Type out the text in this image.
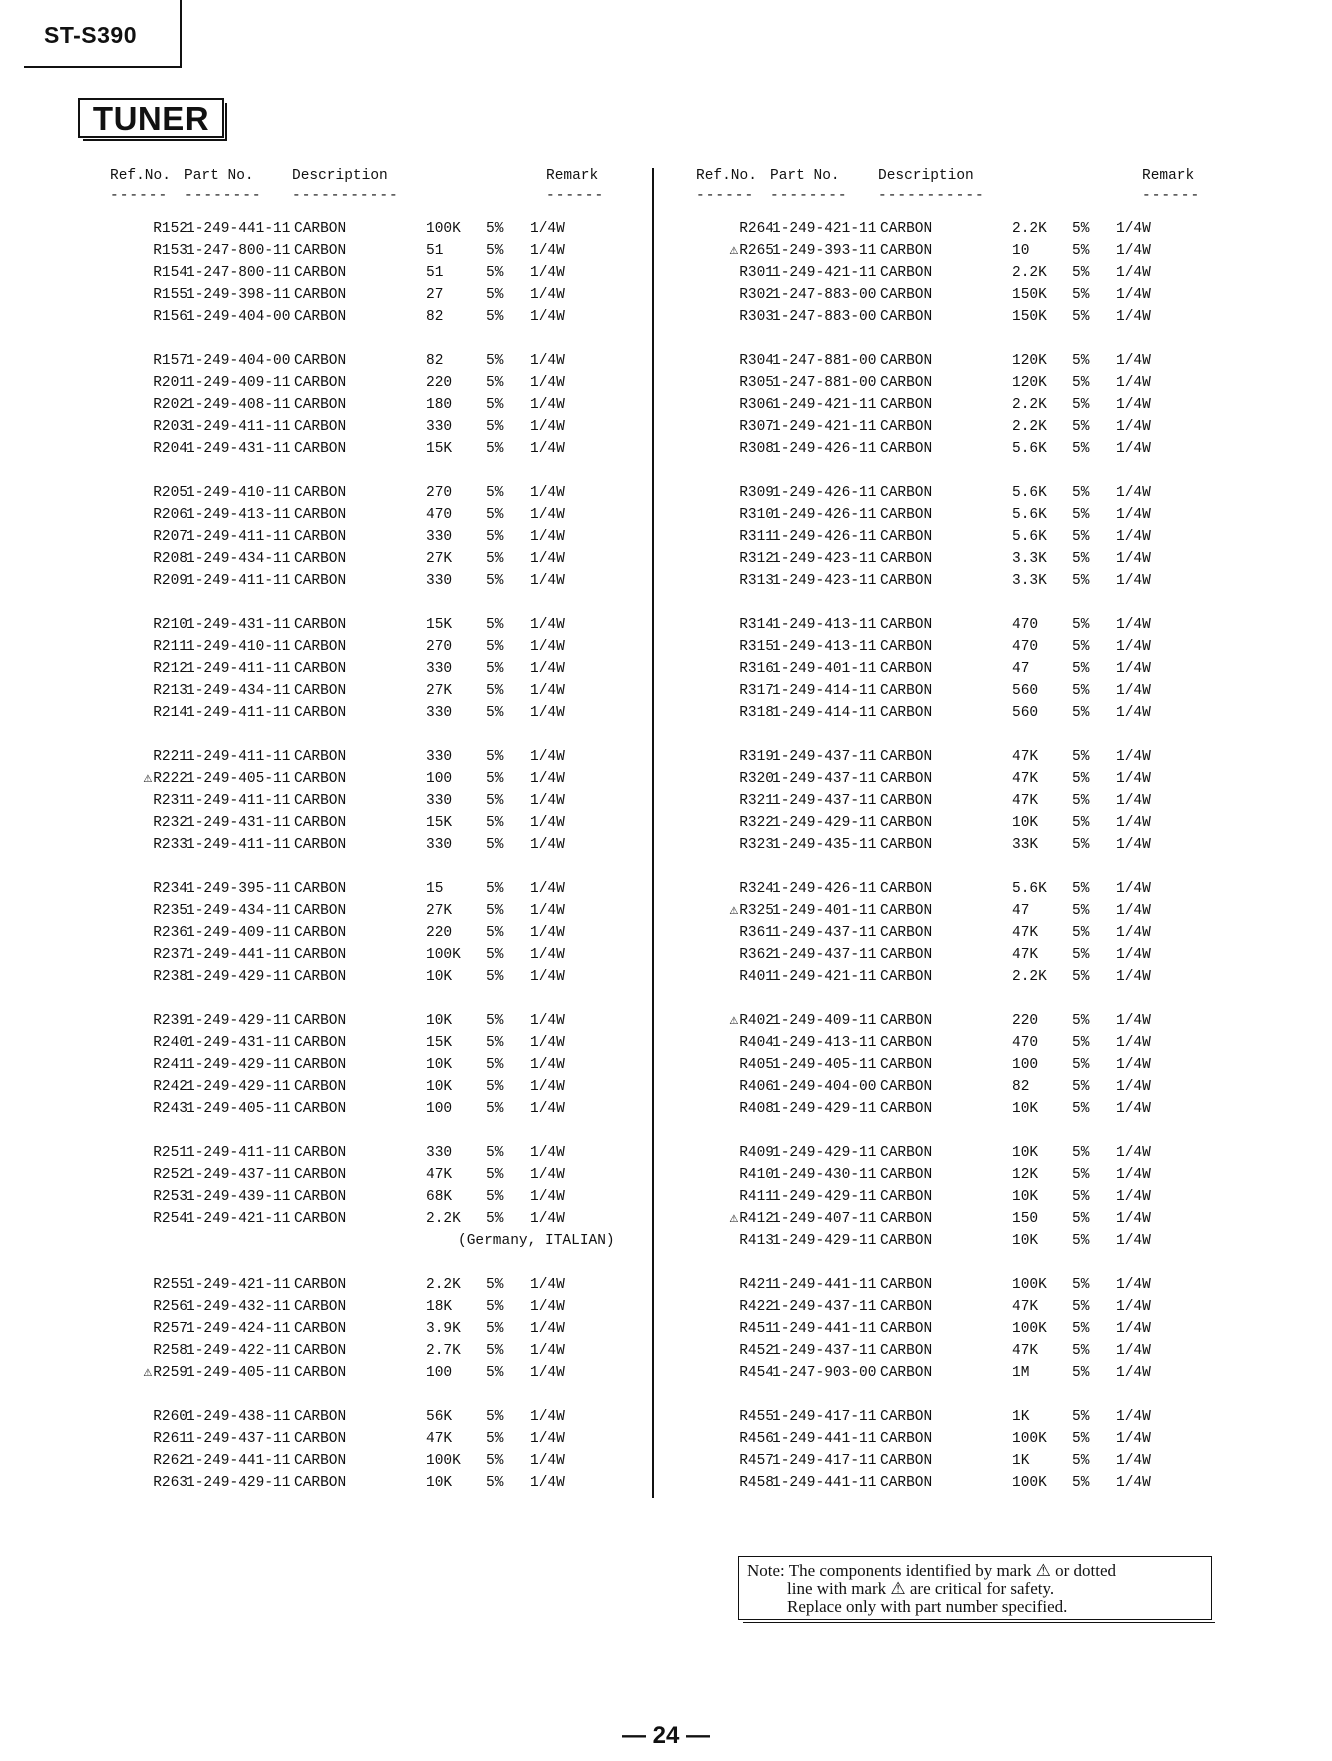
ST-S390
TUNER
Ref.No. Part No.	Description	Remark
------ -------- -----------	------
R152
1-249-441-11 CARBON	100K 5% 1/4W
R153
1-247-800-11 CARBON	51	5% 1/4W
R154
1-247-800-11 CARBON	51	5% 1/4W
R155
1-249-398-11 CARBON	27	5% 1/4W
R156
1-249-404-00 CARBON	82	5% 1/4W
R157
1-249-404-00 CARBON	82	5% 1/4W
R201
1-249-409-11 CARBON	220 5% 1/4W
R202
1-249-408-11 CARBON	180 5% 1/4W
R203
1-249-411-11 CARBON	330 5% 1/4W
R204
1-249-431-11 CARBON	15K 5% 1/4W
R205
1-249-410-11 CARBON	270 5% 1/4W
R206
1-249-413-11 CARBON	470 5% 1/4W
R207
1-249-411-11 CARBON	330 5% 1/4W
R208
1-249-434-11 CARBON	27K 5% 1/4W
R209
1-249-411-11 CARBON	330 5% 1/4W
R210
1-249-431-11 CARBON	15K 5% 1/4W
R211
1-249-410-11 CARBON	270 5% 1/4W
R212
1-249-411-11 CARBON	330 5% 1/4W
R213
1-249-434-11 CARBON	27K 5% 1/4W
R214
1-249-411-11 CARBON	330 5% 1/4W
R221
1-249-411-11 CARBON	330 5% 1/4W
⚠R222
1-249-405-11 CARBON	100 5% 1/4W
R231
1-249-411-11 CARBON	330 5% 1/4W
R232
1-249-431-11 CARBON	15K 5% 1/4W
R233
1-249-411-11 CARBON	330 5% 1/4W
R234
1-249-395-11 CARBON	15	5% 1/4W
R235
1-249-434-11 CARBON	27K 5% 1/4W
R236
1-249-409-11 CARBON	220 5% 1/4W
R237
1-249-441-11 CARBON	100K 5% 1/4W
R238
1-249-429-11 CARBON	10K 5% 1/4W
R239
1-249-429-11 CARBON	10K 5% 1/4W
R240
1-249-431-11 CARBON	15K 5% 1/4W
R241
1-249-429-11 CARBON	10K 5% 1/4W
R242
1-249-429-11 CARBON	10K 5% 1/4W
R243
1-249-405-11 CARBON	100 5% 1/4W
R251
1-249-411-11 CARBON	330 5% 1/4W
R252
1-249-437-11 CARBON	47K 5% 1/4W
R253
1-249-439-11 CARBON	68K 5% 1/4W
R254
1-249-421-11 CARBON	2.2K 5% 1/4W
(Germany, ITALIAN)
R255
1-249-421-11 CARBON	2.2K 5% 1/4W
R256
1-249-432-11 CARBON	18K 5% 1/4W
R257
1-249-424-11 CARBON	3.9K 5% 1/4W
R258
1-249-422-11 CARBON	2.7K 5% 1/4W
⚠R259
1-249-405-11 CARBON	100 5% 1/4W
R260
1-249-438-11 CARBON	56K 5% 1/4W
R261
1-249-437-11 CARBON	47K 5% 1/4W
R262
1-249-441-11 CARBON	100K 5% 1/4W
R263
1-249-429-11 CARBON	10K 5% 1/4W
Ref.No. Part No.	Description	Remark
------ -------- -----------	------
R264
1-249-421-11 CARBON	2.2K 5% 1/4W
⚠R265
1-249-393-11 CARBON	10	5% 1/4W
R301
1-249-421-11 CARBON	2.2K 5% 1/4W
R302
1-247-883-00 CARBON	150K 5% 1/4W
R303
1-247-883-00 CARBON	150K 5% 1/4W
R304
1-247-881-00 CARBON	120K 5% 1/4W
R305
1-247-881-00 CARBON	120K 5% 1/4W
R306
1-249-421-11 CARBON	2.2K 5% 1/4W
R307
1-249-421-11 CARBON	2.2K 5% 1/4W
R308
1-249-426-11 CARBON	5.6K 5% 1/4W
R309
1-249-426-11 CARBON	5.6K 5% 1/4W
R310
1-249-426-11 CARBON	5.6K 5% 1/4W
R311
1-249-426-11 CARBON	5.6K 5% 1/4W
R312
1-249-423-11 CARBON	3.3K 5% 1/4W
R313
1-249-423-11 CARBON	3.3K 5% 1/4W
R314
1-249-413-11 CARBON	470 5% 1/4W
R315
1-249-413-11 CARBON	470 5% 1/4W
R316
1-249-401-11 CARBON	47	5% 1/4W
R317
1-249-414-11 CARBON	560 5% 1/4W
R318
1-249-414-11 CARBON	560 5% 1/4W
R319
1-249-437-11 CARBON	47K 5% 1/4W
R320
1-249-437-11 CARBON	47K 5% 1/4W
R321
1-249-437-11 CARBON	47K 5% 1/4W
R322
1-249-429-11 CARBON	10K 5% 1/4W
R323
1-249-435-11 CARBON	33K 5% 1/4W
R324
1-249-426-11 CARBON	5.6K 5% 1/4W
⚠R325
1-249-401-11 CARBON	47	5% 1/4W
R361
1-249-437-11 CARBON	47K 5% 1/4W
R362
1-249-437-11 CARBON	47K 5% 1/4W
R401
1-249-421-11 CARBON	2.2K 5% 1/4W
⚠R402
1-249-409-11 CARBON	220 5% 1/4W
R404
1-249-413-11 CARBON	470 5% 1/4W
R405
1-249-405-11 CARBON	100 5% 1/4W
R406
1-249-404-00 CARBON	82	5% 1/4W
R408
1-249-429-11 CARBON	10K 5% 1/4W
R409
1-249-429-11 CARBON	10K 5% 1/4W
R410
1-249-430-11 CARBON	12K 5% 1/4W
R411
1-249-429-11 CARBON	10K 5% 1/4W
⚠R412
1-249-407-11 CARBON	150 5% 1/4W
R413
1-249-429-11 CARBON	10K 5% 1/4W
R421
1-249-441-11 CARBON	100K 5% 1/4W
R422
1-249-437-11 CARBON	47K 5% 1/4W
R451
1-249-441-11 CARBON	100K 5% 1/4W
R452
1-249-437-11 CARBON	47K 5% 1/4W
R454
1-247-903-00 CARBON	1M	5% 1/4W
R455
1-249-417-11 CARBON	1K	5% 1/4W
R456
1-249-441-11 CARBON	100K 5% 1/4W
R457
1-249-417-11 CARBON	1K	5% 1/4W
R458
1-249-441-11 CARBON	100K 5% 1/4W
Note: The components identified by mark ⚠ or dotted
line with mark ⚠ are critical for safety.
Replace only with part number specified.
— 24 —
